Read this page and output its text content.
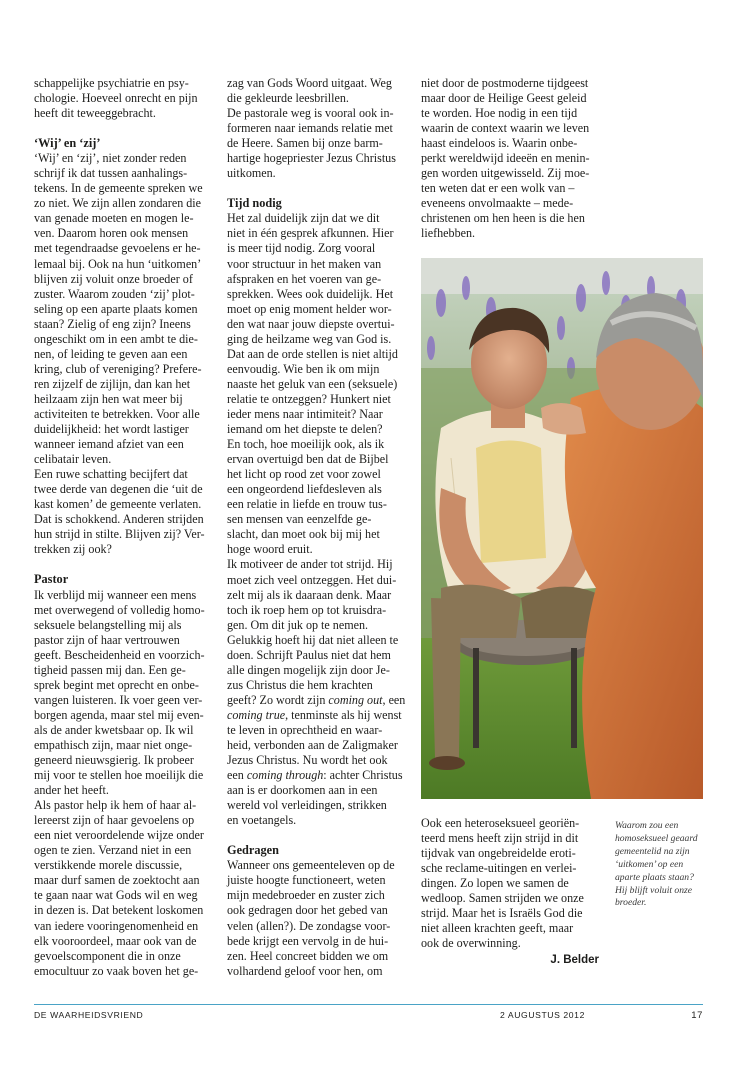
schappelijke psychiatrie en psy-

chologie. Hoeveel onrecht en pijn

heeft dit teweeggebracht.

‘Wij’ en ‘zij’

‘Wij’ en ‘zij’, niet zonder reden

schrijf ik dat tussen aanhalings-

tekens. In de gemeente spreken we

zo niet. We zijn allen zondaren die

van genade moeten en mogen le-

ven. Daarom horen ook mensen

met tegendraadse gevoelens er he-

lemaal bij. Ook na hun ‘uitkomen’

blijven zij voluit onze broeder of

zuster. Waarom zouden ‘zij’ plot-

seling op een aparte plaats komen

staan? Zielig of eng zijn? Ineens

ongeschikt om in een ambt te die-

nen, of leiding te geven aan een

kring, club of vereniging? Prefere-

ren zijzelf de zijlijn, dan kan het

heilzaam zijn hen wat meer bij

activiteiten te betrekken. Voor alle

duidelijkheid: het wordt lastiger

wanneer iemand afziet van een

celibatair leven.

Een ruwe schatting becijfert dat

twee derde van degenen die ‘uit de

kast komen’ de gemeente verlaten.

Dat is schokkend. Anderen strijden

hun strijd in stilte. Blijven zij? Ver-

trekken zij ook?

Pastor

Ik verblijd mij wanneer een mens

met overwegend of volledig homo-

seksuele belangstelling mij als

pastor zijn of haar vertrouwen

geeft. Bescheidenheid en voorzich-

tigheid passen mij dan. Een ge-

sprek begint met oprecht en onbe-

vangen luisteren. Ik voer geen ver-

borgen agenda, maar stel mij even-

als de ander kwetsbaar op. Ik wil

empathisch zijn, maar niet onge-

geneerd nieuwsgierig. Ik probeer

mij voor te stellen hoe moeilijk die

ander het heeft.

Als pastor help ik hem of haar al-

lereerst zijn of haar gevoelens op

een niet veroordelende wijze onder

ogen te zien. Verzand niet in een

verstikkende morele discussie,

maar durf samen de zoektocht aan

te gaan naar wat Gods wil en weg

in dezen is. Dat betekent loskomen

van iedere vooringenomenheid en

elk vooroordeel, maar ook van de

gevoelscomponent die in onze

emocultuur zo vaak boven het ge-

zag van Gods Woord uitgaat. Weg

die gekleurde leesbrillen.

De pastorale weg is vooral ook in-

formeren naar iemands relatie met

de Heere. Samen bij onze barm-

hartige hogepriester Jezus Christus

uitkomen.

Tijd nodig

Het zal duidelijk zijn dat we dit

niet in één gesprek afkunnen. Hier

is meer tijd nodig. Zorg vooral

voor structuur in het maken van

afspraken en het voeren van ge-

sprekken. Wees ook duidelijk. Het

moet op enig moment helder wor-

den wat naar jouw diepste overtui-

ging de heilzame weg van God is.

Dat aan de orde stellen is niet altijd

eenvoudig. Wie ben ik om mijn

naaste het geluk van een (seksuele)

relatie te ontzeggen? Hunkert niet

ieder mens naar intimiteit? Naar

iemand om het diepste te delen?

En toch, hoe moeilijk ook, als ik

ervan overtuigd ben dat de Bijbel

het licht op rood zet voor zowel

een ongeordend liefdesleven als

een relatie in liefde en trouw tus-

sen mensen van eenzelfde ge-

slacht, dan moet ook bij mij het

hoge woord eruit.

Ik motiveer de ander tot strijd. Hij

moet zich veel ontzeggen. Het dui-

zelt mij als ik daaraan denk. Maar

toch ik roep hem op tot kruisdra-

gen. Om dit juk op te nemen.

Gelukkig hoeft hij dat niet alleen te

doen. Schrijft Paulus niet dat hem

alle dingen mogelijk zijn door Je-

zus Christus die hem krachten

geeft? Zo wordt zijn coming out, een

coming true, tenminste als hij wenst

te leven in oprechtheid en waar-

heid, verbonden aan de Zaligmaker

Jezus Christus. Nu wordt het ook

een coming through: achter Christus

aan is er doorkomen aan in een

wereld vol verleidingen, strikken

en voetangels.

Gedragen

Wanneer ons gemeenteleven op de

juiste hoogte functioneert, weten

mijn medebroeder en zuster zich

ook gedragen door het gebed van

velen (allen?). De zondagse voor-

bede krijgt een vervolg in de hui-

zen. Heel concreet bidden we om

volhardend geloof voor hen, om

niet door de postmoderne tijdgeest

maar door de Heilige Geest geleid

te worden. Hoe nodig in een tijd

waarin de context waarin we leven

haast eindeloos is. Waarin onbe-

perkt wereldwijd ideeën en menin-

gen worden uitgewisseld. Zij moe-

ten weten dat er een wolk van –

eveneens onvolmaakte – mede-

christenen om hen heen is die hen

liefhebben.

Ook een heteroseksueel georiën-

teerd mens heeft zijn strijd in dit

tijdvak van ongebreidelde eroti-

sche reclame-uitingen en verlei-

dingen. Zo lopen we samen de

wedloop. Samen strijden we onze

strijd. Maar het is Israëls God die

niet alleen krachten geeft, maar

ook de overwinning.

J. Belder

Waarom zou een

homoseksueel geaard

gemeentelid na zijn

‘uitkomen’ op een

aparte plaats staan?

Hij blijft voluit onze

broeder.

DE WAARHEIDSVRIEND	2 AUGUSTUS 2012	17
